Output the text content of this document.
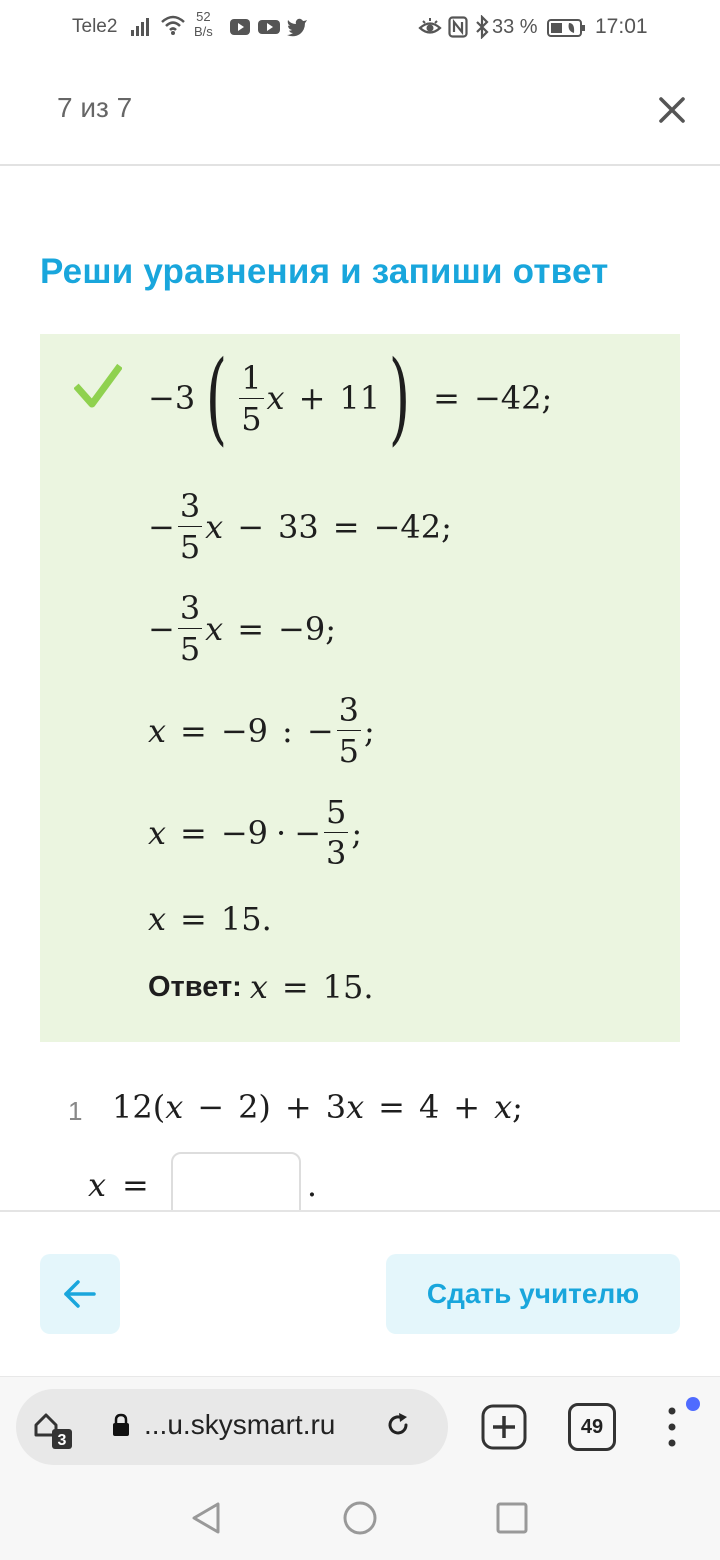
Tele2	52
B/s	33 %	17:01
7 из 7
Реши уравнения и запиши ответ
−3 ( $\frac{1}{5}$ x + 11 ) = −42;
− $\frac{3}{5}$ x − 33 = −42;
− $\frac{3}{5}$ x = −9;
x = −9 : − $\frac{3}{5}$ ;
x = −9 · − $\frac{5}{3}$ ;
x = 15.
Ответ: x = 15.
1 12(x − 2) + 3x = 4 + x;
x =	.
Сдать учителю
3
...u.skysmart.ru	49
